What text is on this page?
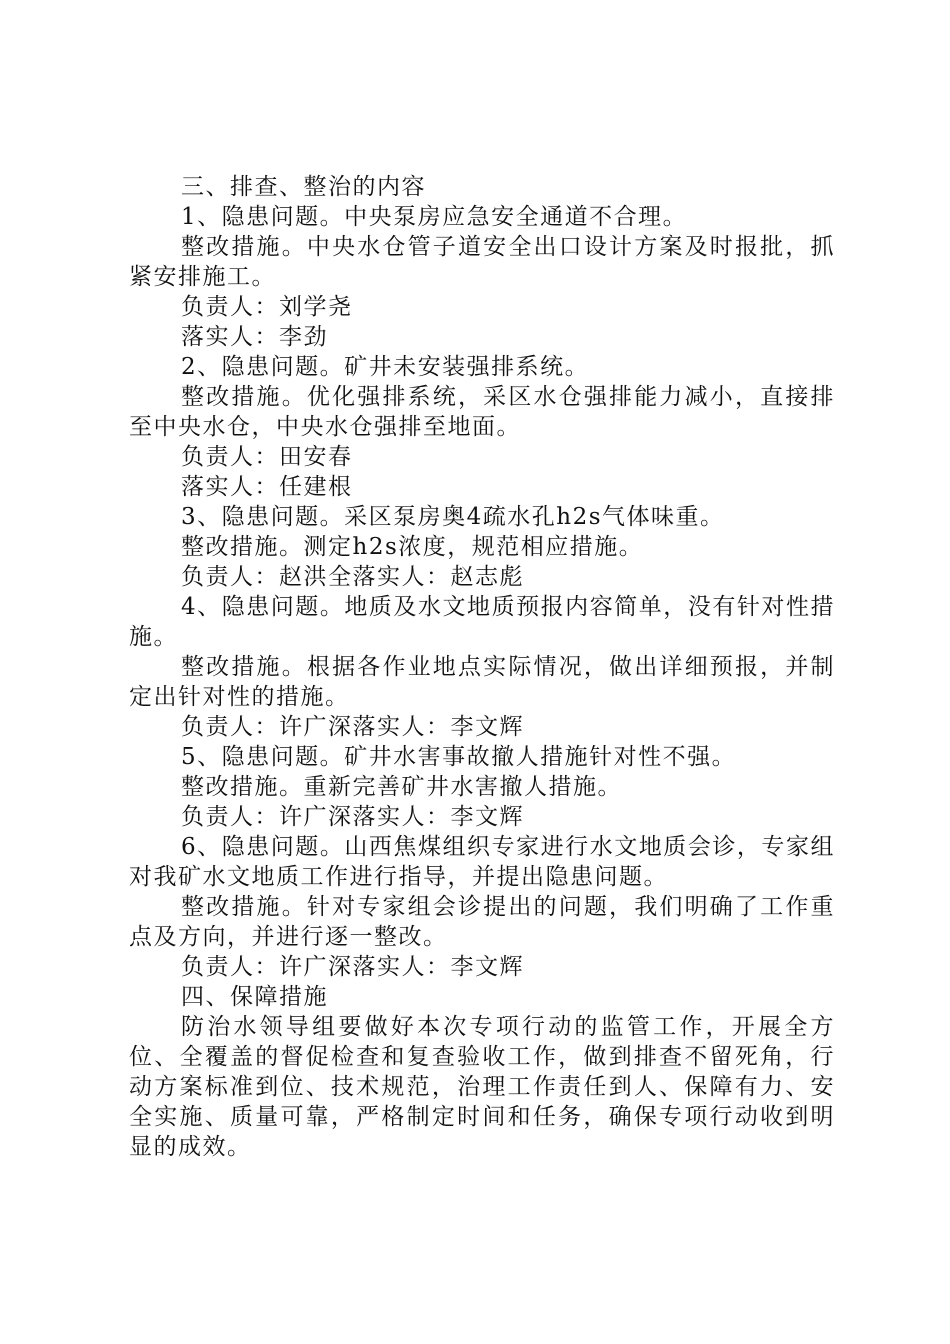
三、排查、整治的内容

1、隐患问题。中央泵房应急安全通道不合理。

整改措施。中央水仓管子道安全出口设计方案及时报批，抓紧安排施工。

负责人：刘学尧

落实人：李劲

2、隐患问题。矿井未安装强排系统。

整改措施。优化强排系统，采区水仓强排能力减小，直接排至中央水仓，中央水仓强排至地面。

负责人：田安春

落实人：任建根

3、隐患问题。采区泵房奥4疏水孔h2s气体味重。

整改措施。测定h2s浓度，规范相应措施。

负责人：赵洪全落实人：赵志彪

4、隐患问题。地质及水文地质预报内容简单，没有针对性措施。

整改措施。根据各作业地点实际情况，做出详细预报，并制定出针对性的措施。

负责人：许广深落实人：李文辉

5、隐患问题。矿井水害事故撤人措施针对性不强。

整改措施。重新完善矿井水害撤人措施。

负责人：许广深落实人：李文辉

6、隐患问题。山西焦煤组织专家进行水文地质会诊，专家组对我矿水文地质工作进行指导，并提出隐患问题。

整改措施。针对专家组会诊提出的问题，我们明确了工作重点及方向，并进行逐一整改。

负责人：许广深落实人：李文辉

四、保障措施

防治水领导组要做好本次专项行动的监管工作，开展全方位、全覆盖的督促检查和复查验收工作，做到排查不留死角，行动方案标准到位、技术规范，治理工作责任到人、保障有力、安全实施、质量可靠，严格制定时间和任务，确保专项行动收到明显的成效。
